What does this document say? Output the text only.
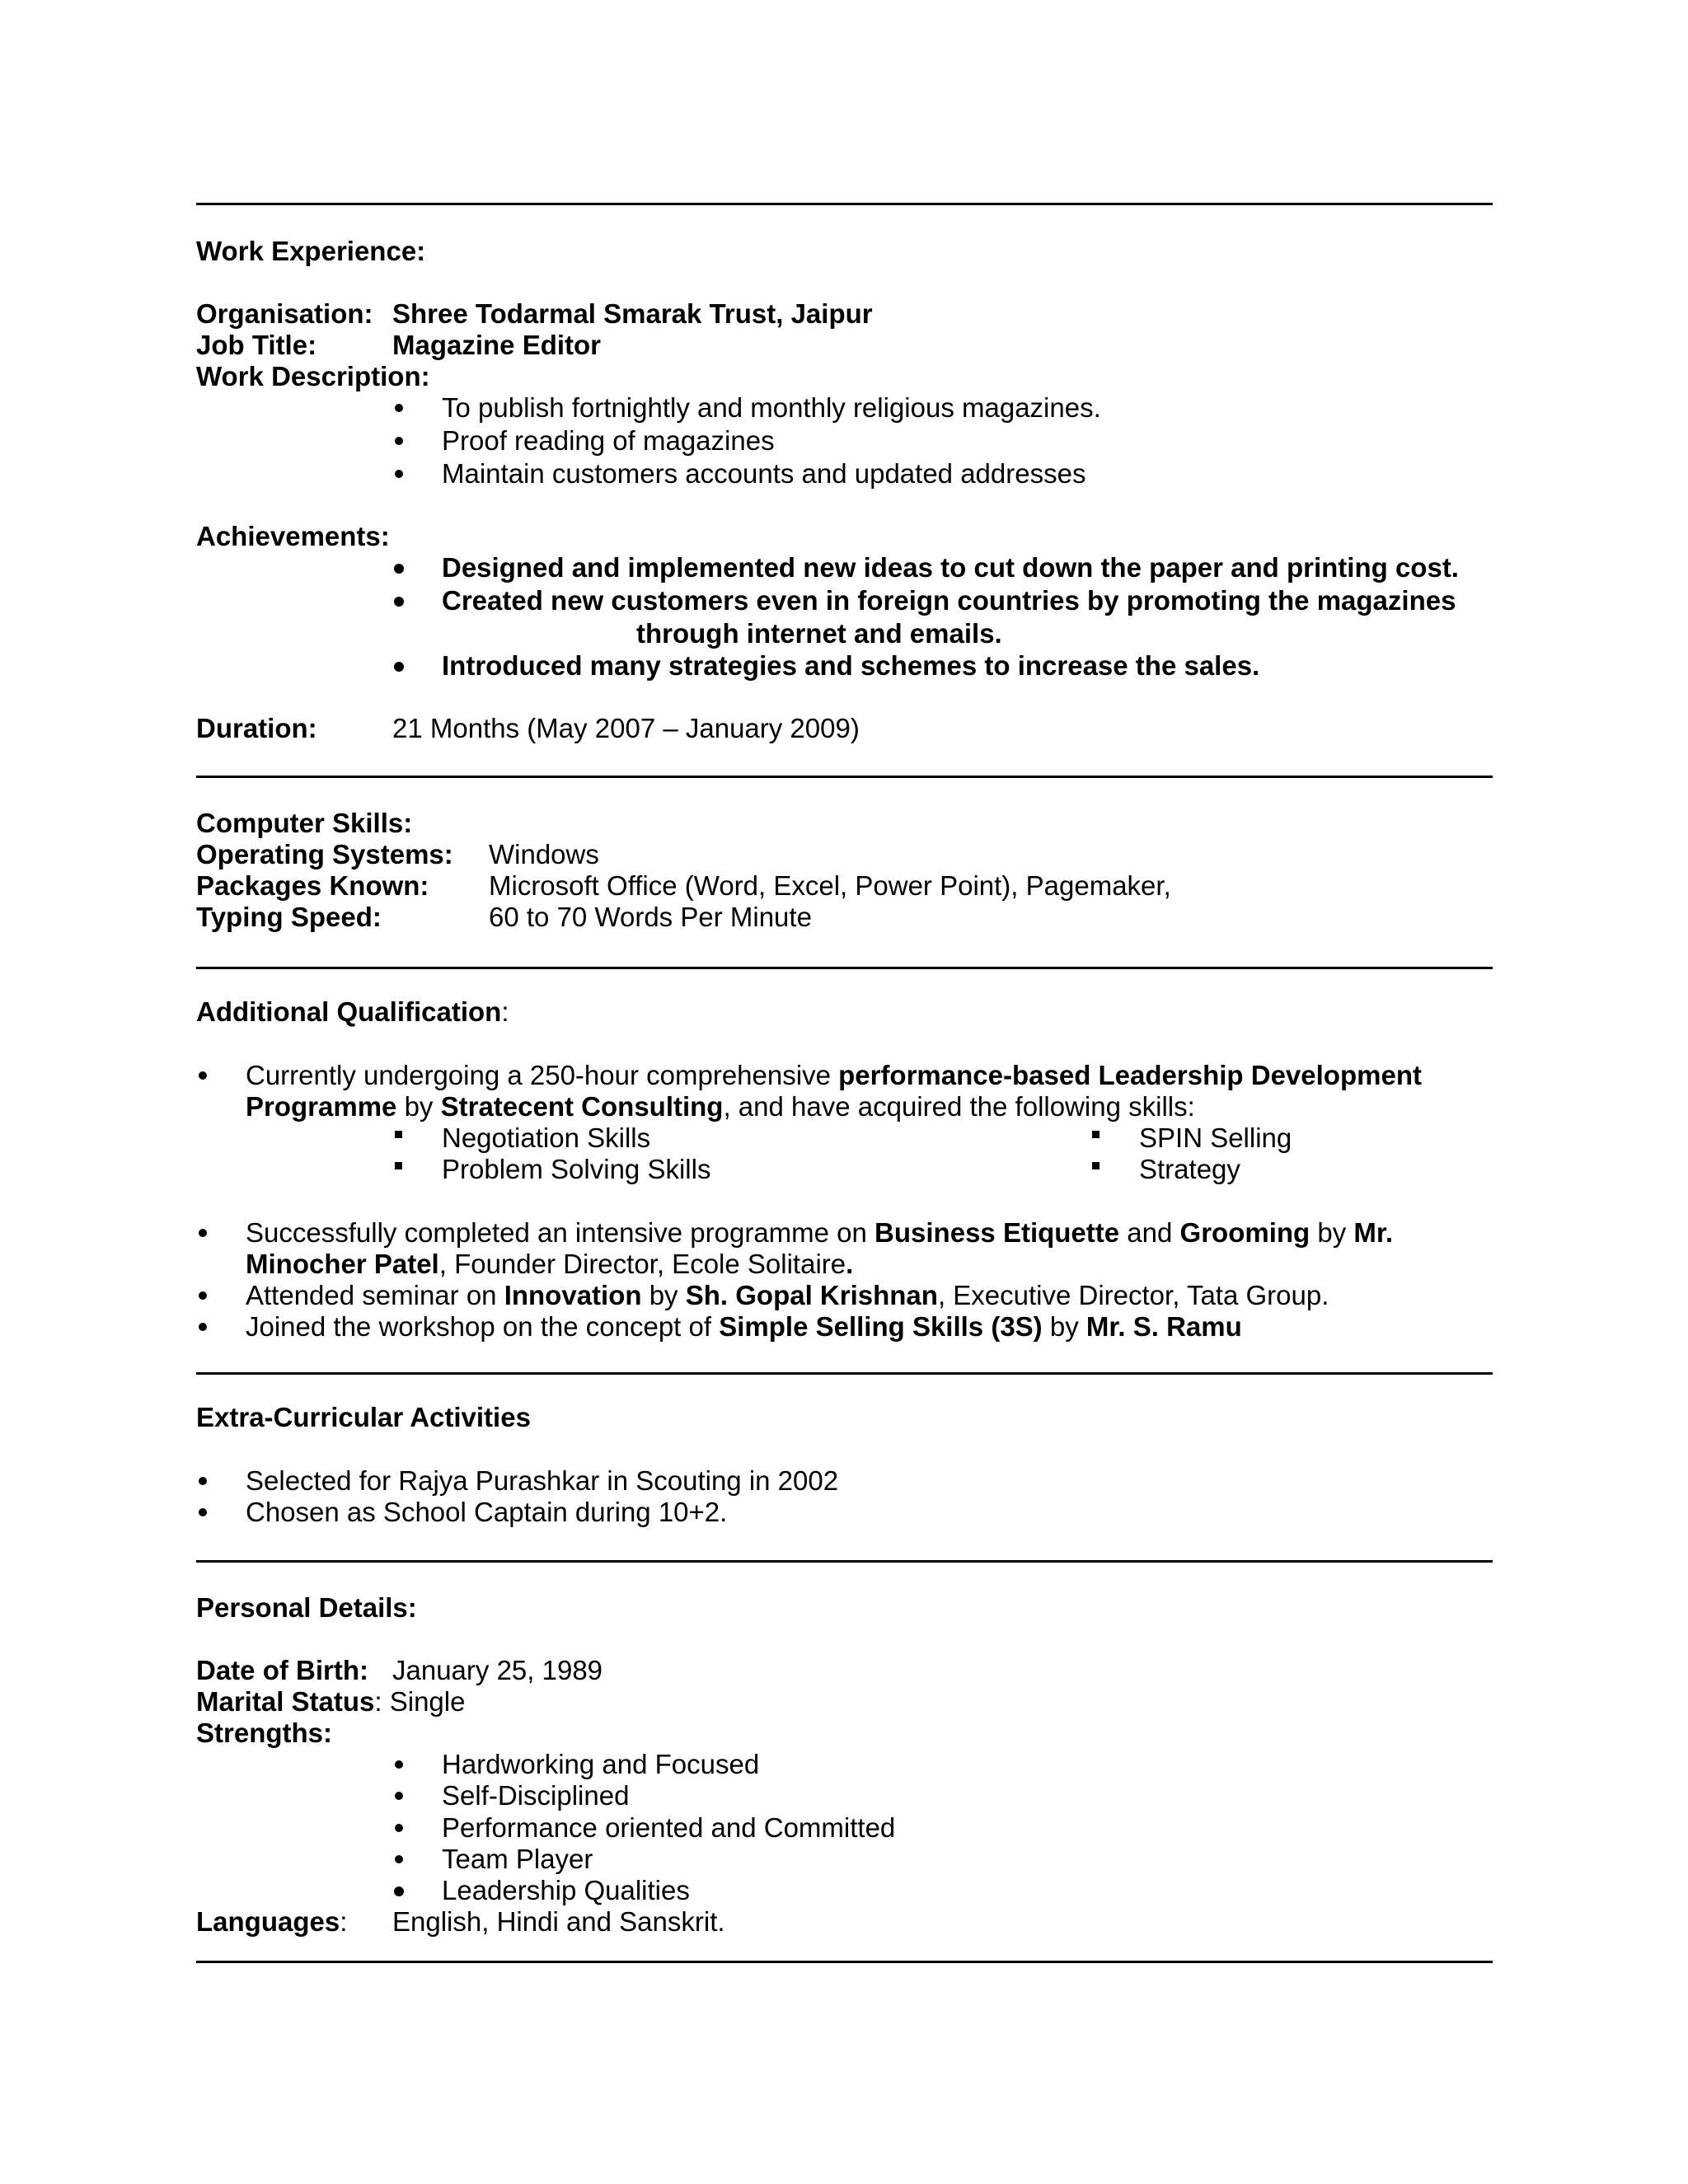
Work Experience:
Organisation: Shree Todarmal Smarak Trust, Jaipur
Job Title:	Magazine Editor
Work Description:
To publish fortnightly and monthly religious magazines.
Proof reading of magazines
Maintain customers accounts and updated addresses
Achievements:
Designed and implemented new ideas to cut down the paper and printing cost.
Created new customers even in foreign countries by promoting the magazines
through internet and emails.
Introduced many strategies and schemes to increase the sales.
Duration:	21 Months (May 2007 – January 2009)
Computer Skills:
Operating Systems: Windows
Packages Known: Microsoft Office (Word, Excel, Power Point), Pagemaker,
Typing Speed:	60 to 70 Words Per Minute
Additional Qualification:
Currently undergoing a 250-hour comprehensive performance-based Leadership Development
Programme by Stratecent Consulting, and have acquired the following skills:
Negotiation Skills
Problem Solving Skills
SPIN Selling
Strategy
Successfully completed an intensive programme on Business Etiquette and Grooming by Mr.
Minocher Patel, Founder Director, Ecole Solitaire.
Attended seminar on Innovation by Sh. Gopal Krishnan, Executive Director, Tata Group.
Joined the workshop on the concept of Simple Selling Skills (3S) by Mr. S. Ramu
Extra-Curricular Activities
Selected for Rajya Purashkar in Scouting in 2002
Chosen as School Captain during 10+2.
Personal Details:
Date of Birth: January 25, 1989
Marital Status: Single
Strengths:
Hardworking and Focused
Self-Disciplined
Performance oriented and Committed
Team Player
Leadership Qualities
Languages: English, Hindi and Sanskrit.
